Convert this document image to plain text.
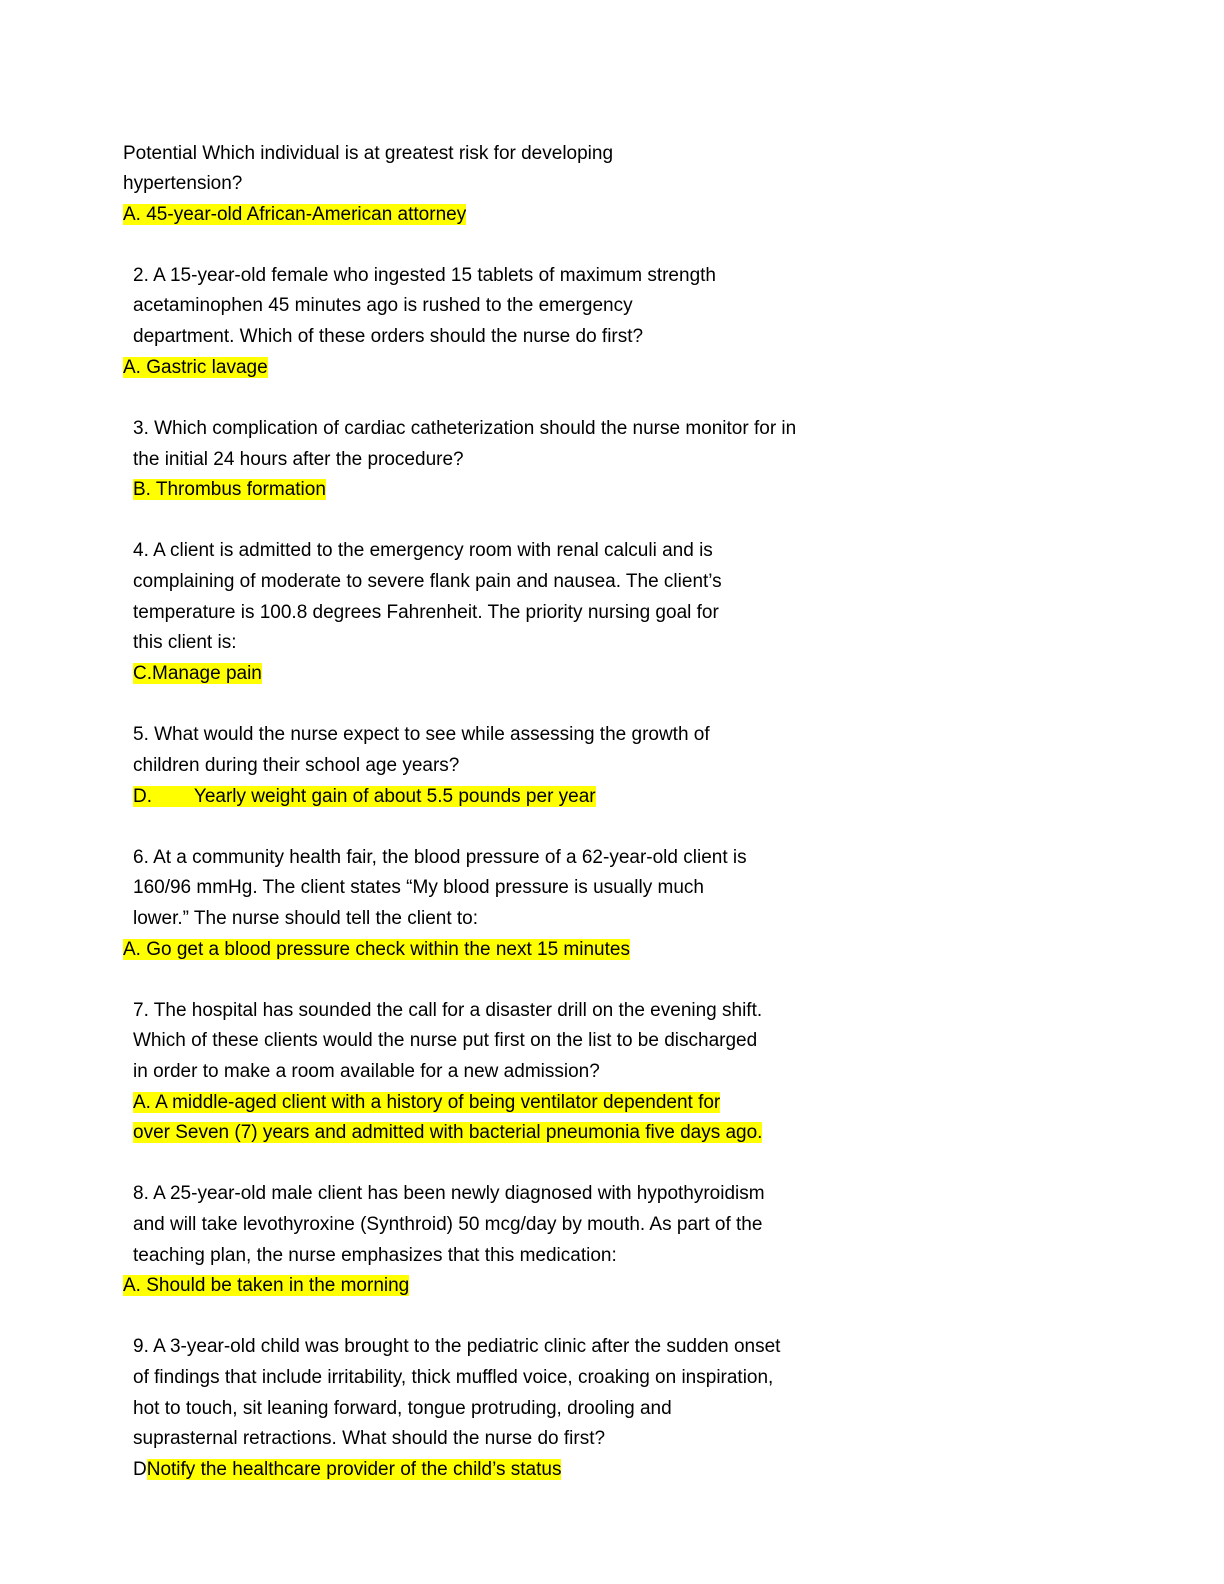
Potential Which individual is at greatest risk for developing
hypertension?
A. 45-year-old African-American attorney
2. A 15-year-old female who ingested 15 tablets of maximum strength
acetaminophen 45 minutes ago is rushed to the emergency
department. Which of these orders should the nurse do first?
A. Gastric lavage
3. Which complication of cardiac catheterization should the nurse monitor for in
the initial 24 hours after the procedure?
B. Thrombus formation
4. A client is admitted to the emergency room with renal calculi and is
complaining of moderate to severe flank pain and nausea. The client’s
temperature is 100.8 degrees Fahrenheit. The priority nursing goal for
this client is:
C.Manage pain
5. What would the nurse expect to see while assessing the growth of
children during their school age years?
D.        Yearly weight gain of about 5.5 pounds per year
6. At a community health fair, the blood pressure of a 62-year-old client is
160/96 mmHg. The client states “My blood pressure is usually much
lower.” The nurse should tell the client to:
A. Go get a blood pressure check within the next 15 minutes
7. The hospital has sounded the call for a disaster drill on the evening shift.
Which of these clients would the nurse put first on the list to be discharged
in order to make a room available for a new admission?
A. A middle-aged client with a history of being ventilator dependent for
over Seven (7) years and admitted with bacterial pneumonia five days ago.
8. A 25-year-old male client has been newly diagnosed with hypothyroidism
and will take levothyroxine (Synthroid) 50 mcg/day by mouth. As part of the
teaching plan, the nurse emphasizes that this medication:
A. Should be taken in the morning
9. A 3-year-old child was brought to the pediatric clinic after the sudden onset
of findings that include irritability, thick muffled voice, croaking on inspiration,
hot to touch, sit leaning forward, tongue protruding, drooling and
suprasternal retractions. What should the nurse do first?
DNotify the healthcare provider of the child’s status
